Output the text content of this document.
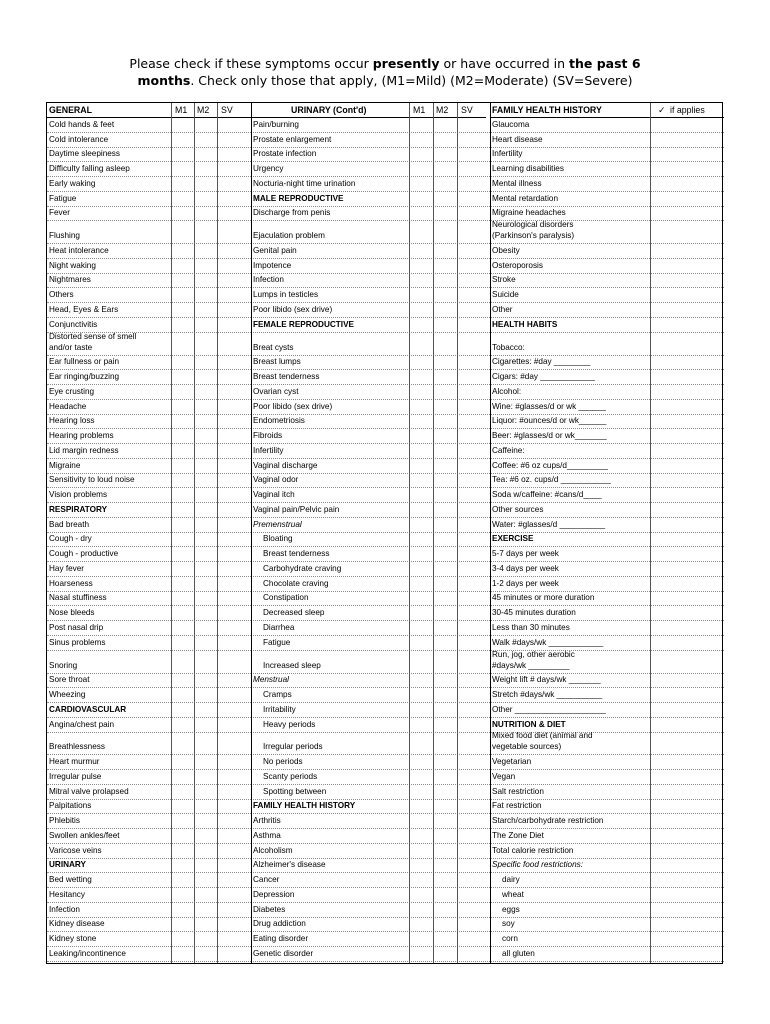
Please check if these symptoms occur presently or have occurred in the past 6 months. Check only those that apply, (M1=Mild) (M2=Moderate) (SV=Severe)
GENERAL	M1 M2 SV
Cold hands & feet
Cold intolerance
Daytime sleepiness
Difficulty falling asleep
Early waking
Fatigue
Fever
Flushing
Heat intolerance
Night waking
Nightmares
Others
Head, Eyes & Ears
Conjunctivitis
Distorted sense of smell
and/or taste
Ear fullness or pain
Ear ringing/buzzing
Eye crusting
Headache
Hearing loss
Hearing problems
Lid margin redness
Migraine
Sensitivity to loud noise
Vision problems
RESPIRATORY
Bad breath
Cough - dry
Cough - productive
Hay fever
Hoarseness
Nasal stuffiness
Nose bleeds
Post nasal drip
Sinus problems
Snoring
Sore throat
Wheezing
CARDIOVASCULAR
Angina/chest pain
Breathlessness
Heart murmur
Irregular pulse
Mitral valve prolapsed
Palpitations
Phlebitis
Swollen ankles/feet
Varicose veins
URINARY
Bed wetting
Hesitancy
Infection
Kidney disease
Kidney stone
Leaking/incontinence
URINARY (Cont'd)	M1 M2 SV
Pain/burning
Prostate enlargement
Prostate infection
Urgency
Nocturia-night time urination
MALE REPRODUCTIVE
Discharge from penis
Ejaculation problem
Genital pain
Impotence
Infection
Lumps in testicles
Poor libido (sex drive)
FEMALE REPRODUCTIVE
Breat cysts
Breast lumps
Breast tenderness
Ovarian cyst
Poor libido (sex drive)
Endometriosis
Fibroids
Infertility
Vaginal discharge
Vaginal odor
Vaginal itch
Vaginal pain/Pelvic pain
Premenstrual
Bloating
Breast tenderness
Carbohydrate craving
Chocolate craving
Constipation
Decreased sleep
Diarrhea
Fatigue
Increased sleep
Menstrual
Cramps
Irritability
Heavy periods
Irregular periods
No periods
Scanty periods
Spotting between
FAMILY HEALTH HISTORY
Arthritis
Asthma
Alcoholism
Alzheimer's disease
Cancer
Depression
Diabetes
Drug addiction
Eating disorder
Genetic disorder
FAMILY HEALTH HISTORY	✓ if applies
Glaucoma
Heart disease
Infertility
Learning disabilities
Mental illness
Mental retardation
Migraine headaches
Neurological disorders
(Parkinson's paralysis)
Obesity
Osteroporosis
Stroke
Suicide
Other
HEALTH HABITS
Tobacco:
Cigarettes: #day ________
Cigars: #day ____________
Alcohol:
Wine: #glasses/d or wk ______
Liquor: #ounces/d or wk______
Beer: #glasses/d or wk_______
Caffeine:
Coffee: #6 oz cups/d_________
Tea: #6 oz. cups/d ___________
Soda w/caffeine: #cans/d____
Other sources
Water: #glasses/d __________
EXERCISE
5-7 days per week
3-4 days per week
1-2 days per week
45 minutes or more duration
30-45 minutes duration
Less than 30 minutes
Walk #days/wk ____________
Run, jog, other aerobic
#days/wk _________
Weight lift # days/wk _______
Stretch #days/wk __________
Other ____________________
NUTRITION & DIET
Mixed food diet (animal and
vegetable sources)
Vegetarian
Vegan
Salt restriction
Fat restriction
Starch/carbohydrate restriction
The Zone Diet
Total calorie restriction
Specific food restrictions:
dairy
wheat
eggs
soy
corn
all gluten
